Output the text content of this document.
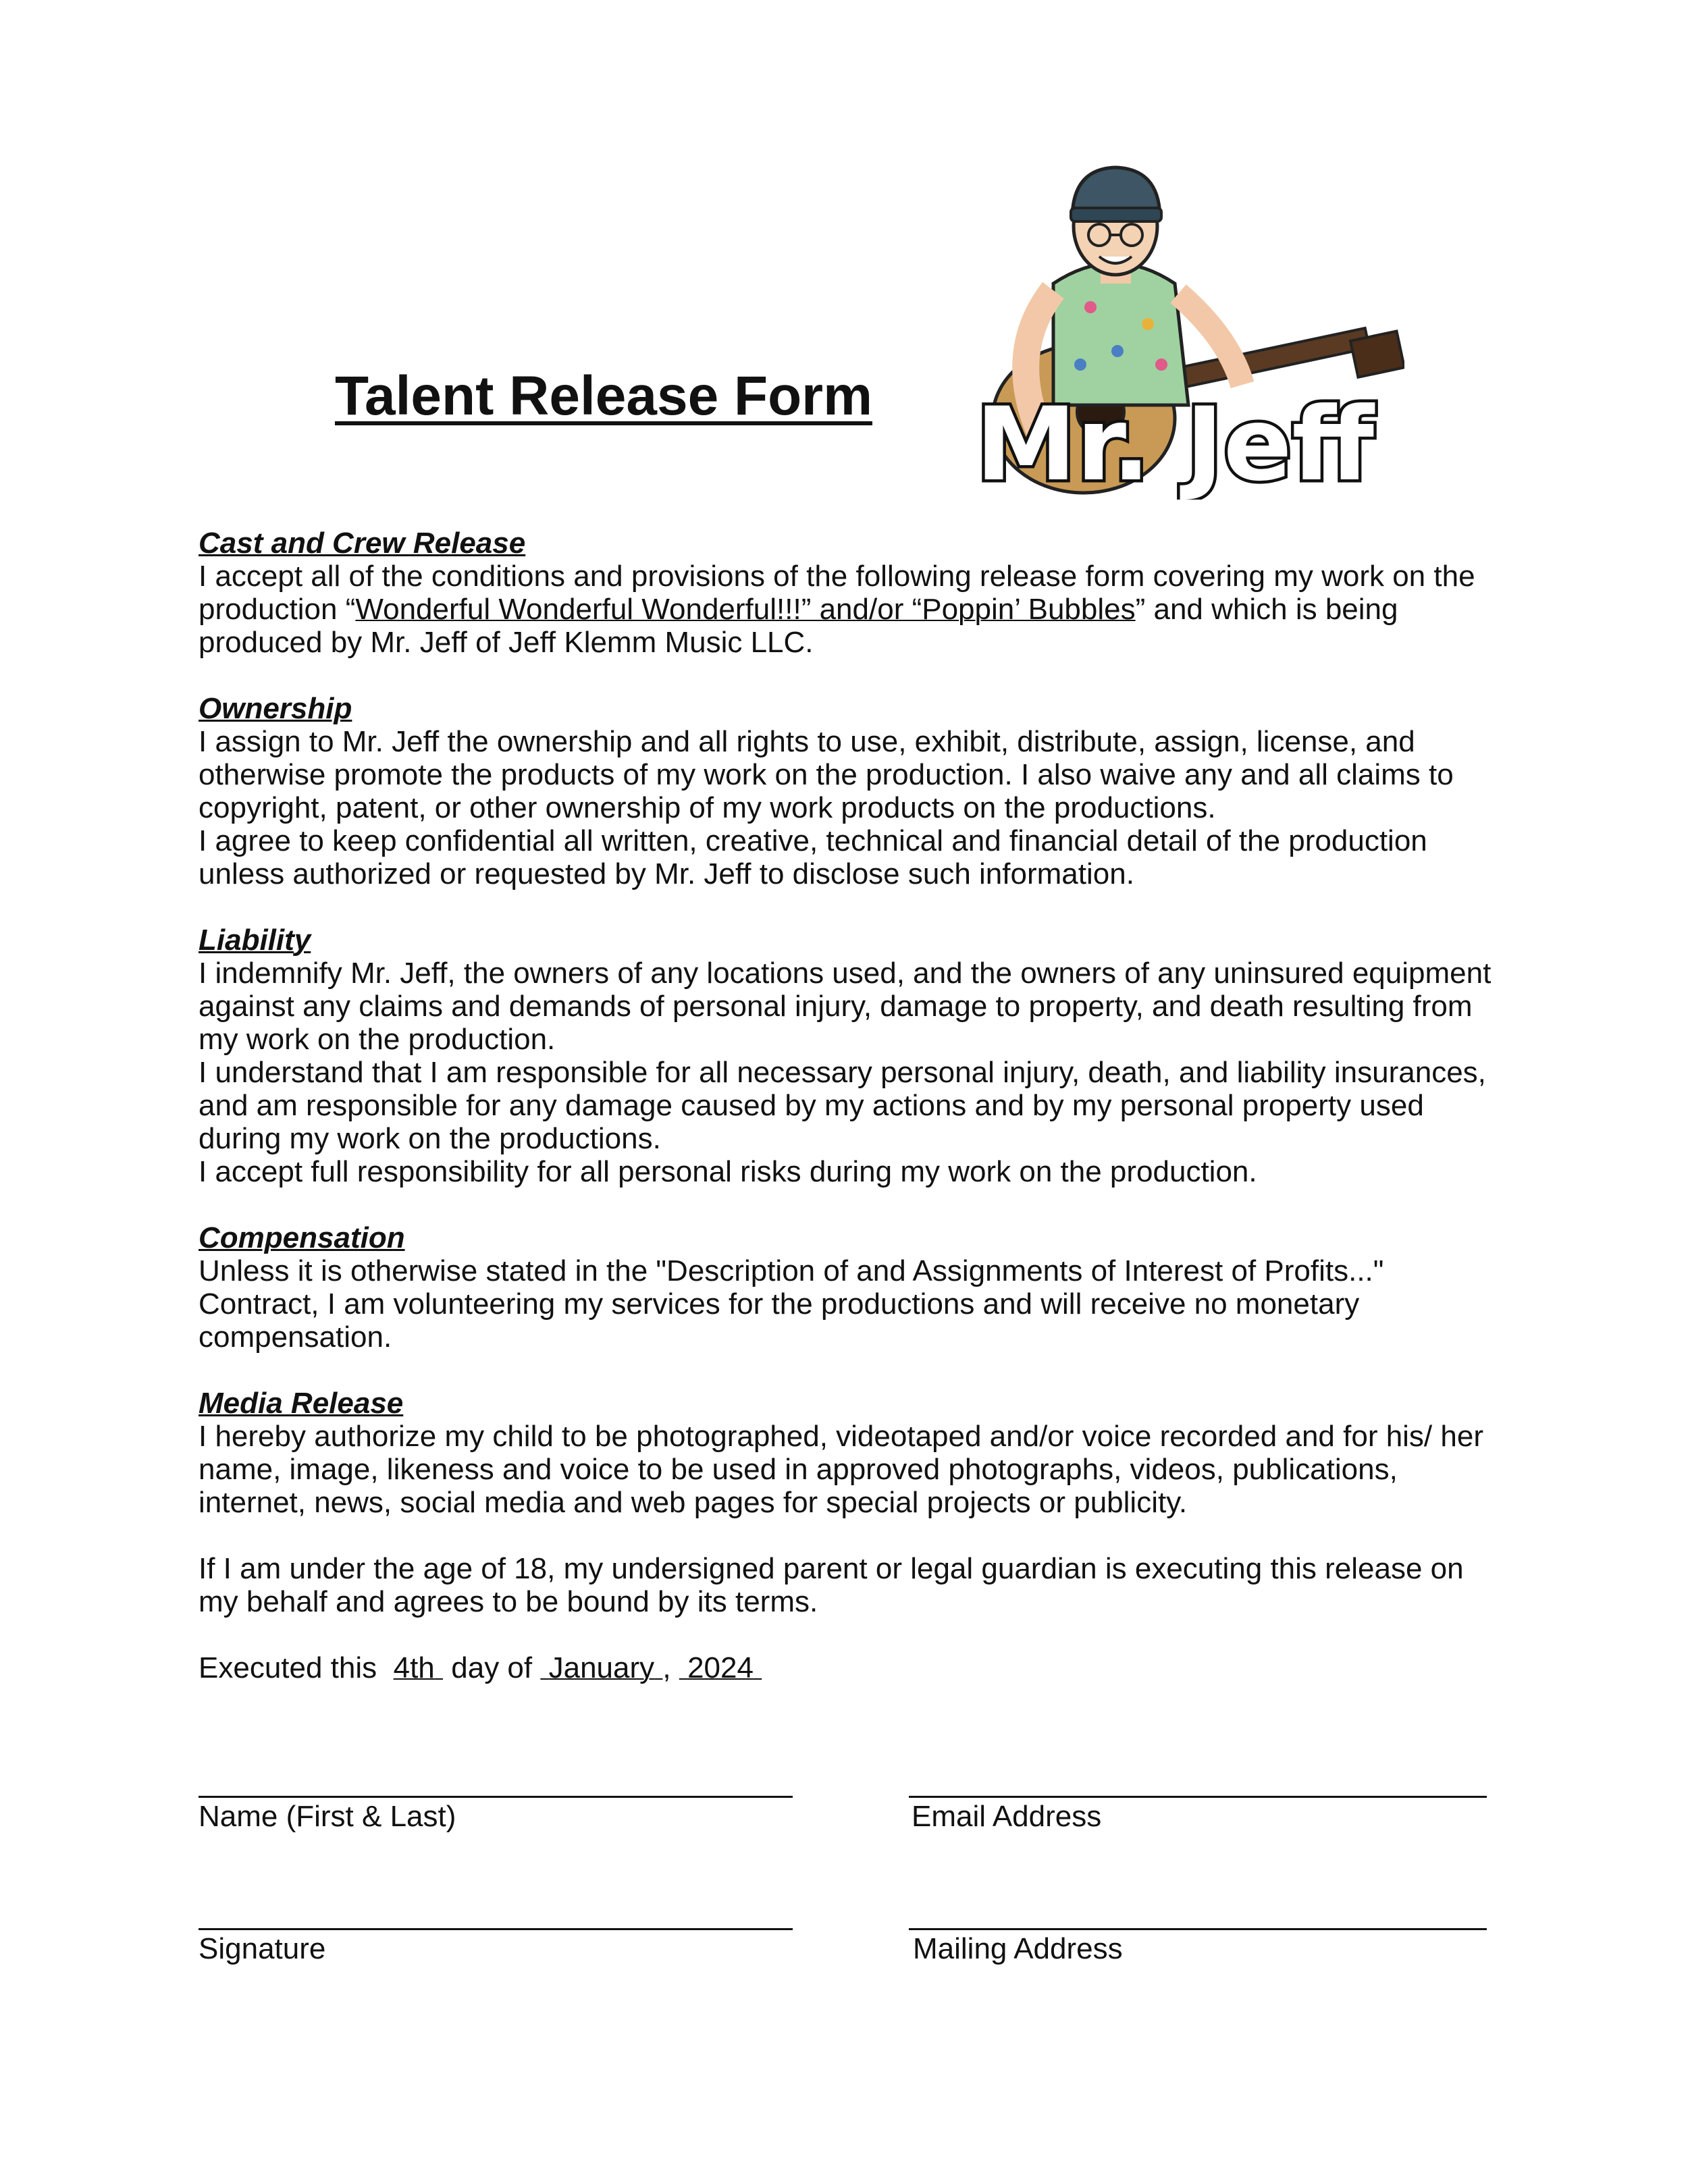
Talent Release Form Mr. Jeff
Cast and Crew Release

I accept all of the conditions and provisions of the following release form covering my work on the production “Wonderful Wonderful Wonderful!!!” and/or “Poppin’ Bubbles” and which is being produced by Mr. Jeff of Jeff Klemm Music LLC.

Ownership

I assign to Mr. Jeff the ownership and all rights to use, exhibit, distribute, assign, license, and otherwise promote the products of my work on the production. I also waive any and all claims to copyright, patent, or other ownership of my work products on the productions.

I agree to keep confidential all written, creative, technical and financial detail of the production unless authorized or requested by Mr. Jeff to disclose such information.

Liability

I indemnify Mr. Jeff, the owners of any locations used, and the owners of any uninsured equipment against any claims and demands of personal injury, damage to property, and death resulting from my work on the production.

I understand that I am responsible for all necessary personal injury, death, and liability insurances, and am responsible for any damage caused by my actions and by my personal property used during my work on the productions.

I accept full responsibility for all personal risks during my work on the production.

Compensation

Unless it is otherwise stated in the "Description of and Assignments of Interest of Profits..." Contract, I am volunteering my services for the productions and will receive no monetary compensation.

Media Release

I hereby authorize my child to be photographed, videotaped and/or voice recorded and for his/ her name, image, likeness and voice to be used in approved photographs, videos, publications, internet, news, social media and web pages for special projects or publicity.

If I am under the age of 18, my undersigned parent or legal guardian is executing this release on my behalf and agrees to be bound by its terms.

Executed this 4th day of January ,  2024

Name (First & Last)	Email Address
Signature	Mailing Address
